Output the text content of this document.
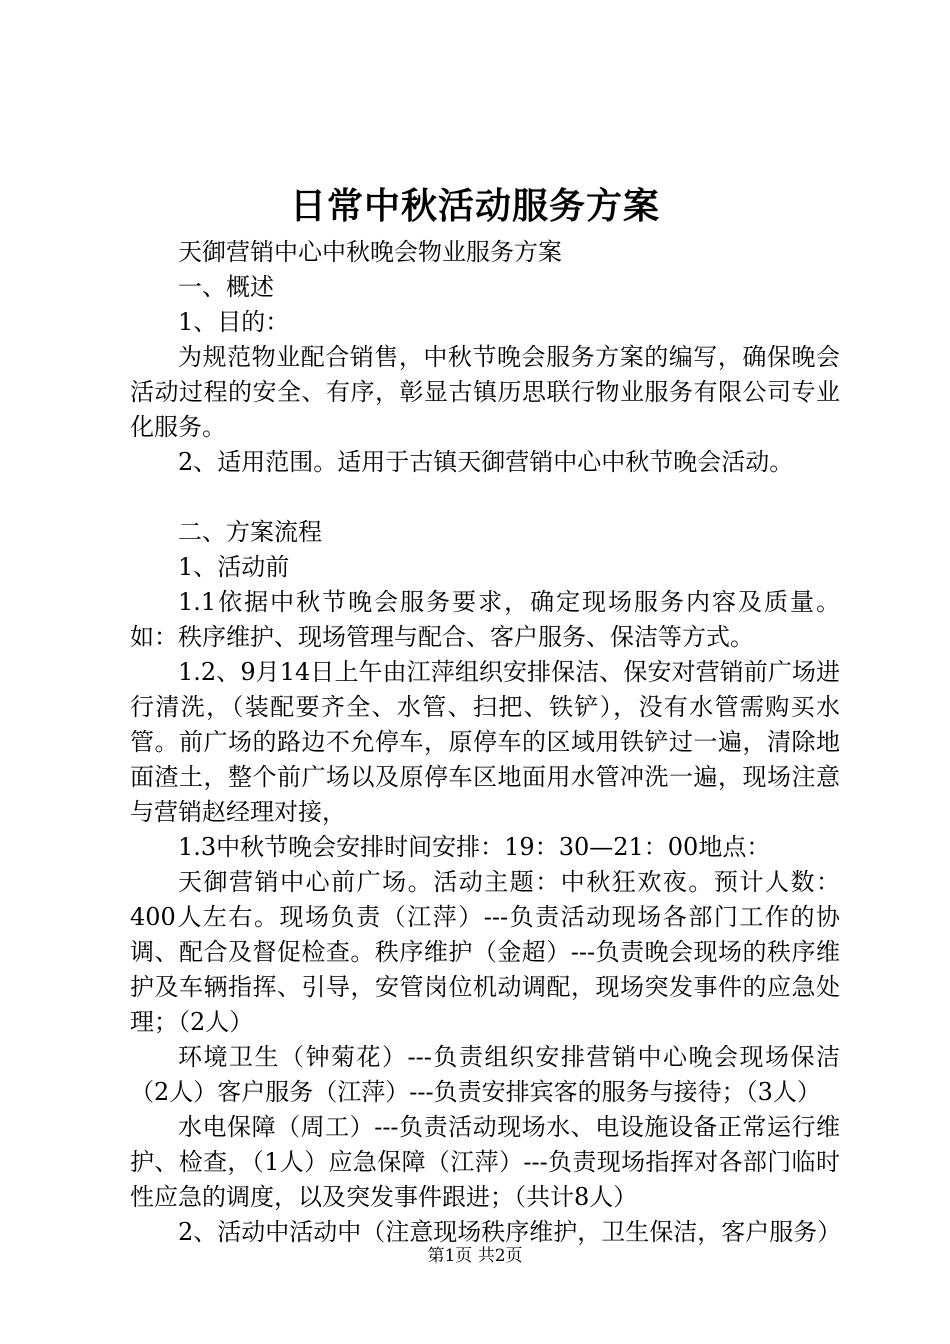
日常中秋活动服务方案

天御营销中心中秋晚会物业服务方案

一、概述

1、目的：

为规范物业配合销售，中秋节晚会服务方案的编写，确保晚会活动过程的安全、有序，彰显古镇历思联行物业服务有限公司专业化服务。

2、适用范围。适用于古镇天御营销中心中秋节晚会活动。

二、方案流程

1、活动前

1.1依据中秋节晚会服务要求，确定现场服务内容及质量。如：秩序维护、现场管理与配合、客户服务、保洁等方式。

1.2、9月14日上午由江萍组织安排保洁、保安对营销前广场进行清洗，（装配要齐全、水管、扫把、铁铲），没有水管需购买水管。前广场的路边不允停车，原停车的区域用铁铲过一遍，清除地面渣土，整个前广场以及原停车区地面用水管冲洗一遍，现场注意与营销赵经理对接，

1.3中秋节晚会安排时间安排：19：30—21：00地点：

天御营销中心前广场。活动主题：中秋狂欢夜。预计人数：400人左右。现场负责（江萍）---负责活动现场各部门工作的协调、配合及督促检查。秩序维护（金超）---负责晚会现场的秩序维护及车辆指挥、引导，安管岗位机动调配，现场突发事件的应急处理；（2人）

环境卫生（钟菊花）---负责组织安排营销中心晚会现场保洁（2人）客户服务（江萍）---负责安排宾客的服务与接待；（3人）

水电保障（周工）---负责活动现场水、电设施设备正常运行维护、检查，（1人）应急保障（江萍）---负责现场指挥对各部门临时性应急的调度，以及突发事件跟进；（共计8人）

2、活动中活动中（注意现场秩序维护，卫生保洁，客户服务）

第1页 共2页
